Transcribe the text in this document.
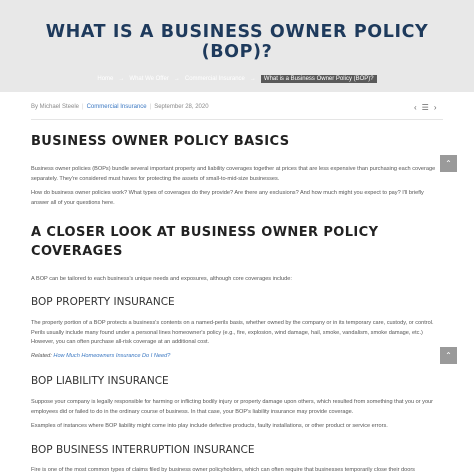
WHAT IS A BUSINESS OWNER POLICY
(BOP)?
Home → What We Offer → Commercial Insurance → What is a Business Owner Policy (BOP)?
By Michael Steele | Commercial Insurance | September 28, 2020	‹ ☰ ›
BUSINESS OWNER POLICY BASICS

Business owner policies (BOPs) bundle several important property and liability coverages together at prices that are less expensive than purchasing each coverage separately. They're considered must haves for protecting the assets of small-to-mid-size businesses.

How do business owner policies work? What types of coverages do they provide? Are there any exclusions? And how much might you expect to pay? I'll briefly answer all of your questions here.

A CLOSER LOOK AT BUSINESS OWNER POLICY COVERAGES

A BOP can be tailored to each business's unique needs and exposures, although core coverages include:

BOP PROPERTY INSURANCE

The property portion of a BOP protects a business's contents on a named-perils basis, whether owned by the company or in its temporary care, custody, or control. Perils usually include many found under a personal lines homeowner's policy (e.g., fire, explosion, wind damage, hail, smoke, vandalism, smoke damage, etc.) However, you can often purchase all-risk coverage at an additional cost.

Related: How Much Homeowners Insurance Do I Need?

BOP LIABILITY INSURANCE

Suppose your company is legally responsible for harming or inflicting bodily injury or property damage upon others, which resulted from something that you or your employees did or failed to do in the ordinary course of business. In that case, your BOP's liability insurance may provide coverage.

Examples of instances where BOP liability might come into play include defective products, faulty installations, or other product or service errors.

BOP BUSINESS INTERRUPTION INSURANCE

Fire is one of the most common types of claims filed by business owner policyholders, which can often require that businesses temporarily close their doors

⌃
⌃
